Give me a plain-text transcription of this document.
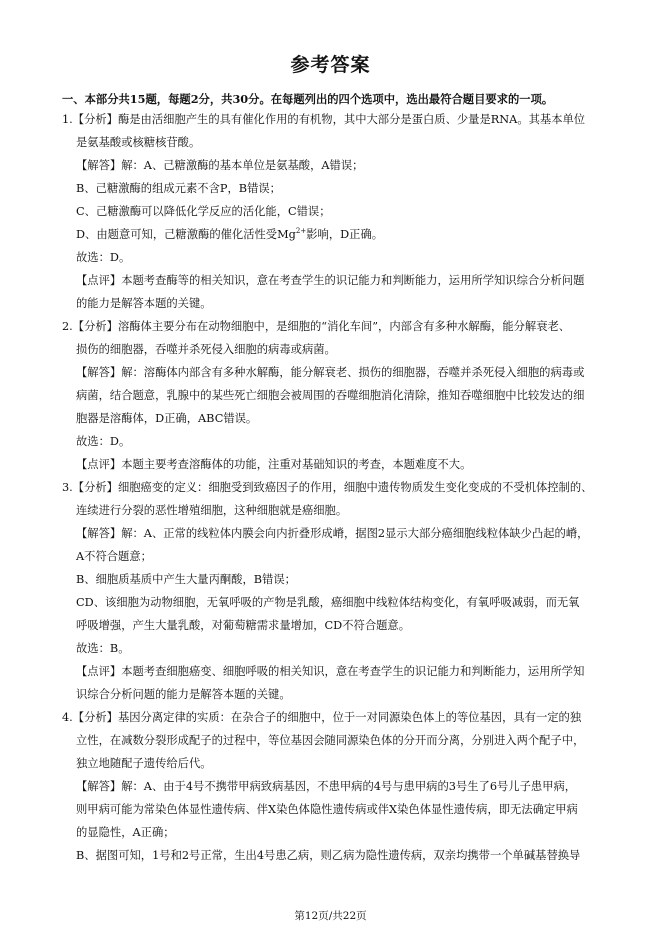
参考答案
一、本部分共15题，每题2分，共30分。在每题列出的四个选项中，选出最符合题目要求的一项。
1.【分析】酶是由活细胞产生的具有催化作用的有机物，其中大部分是蛋白质、少量是RNA。其基本单位
是氨基酸或核糖核苷酸。
【解答】解：A、己糖激酶的基本单位是氨基酸，A错误；
B、己糖激酶的组成元素不含P，B错误；
C、己糖激酶可以降低化学反应的活化能，C错误；
D、由题意可知，己糖激酶的催化活性受$Mg^{2+}$影响，D正确。
故选：D。
【点评】本题考查酶等的相关知识，意在考查学生的识记能力和判断能力，运用所学知识综合分析问题
的能力是解答本题的关键。
2.【分析】溶酶体主要分布在动物细胞中，是细胞的“消化车间”，内部含有多种水解酶，能分解衰老、
损伤的细胞器，吞噬并杀死侵入细胞的病毒或病菌。
【解答】解：溶酶体内部含有多种水解酶，能分解衰老、损伤的细胞器，吞噬并杀死侵入细胞的病毒或
病菌，结合题意，乳腺中的某些死亡细胞会被周围的吞噬细胞消化清除，推知吞噬细胞中比较发达的细
胞器是溶酶体，D正确，ABC错误。
故选：D。
【点评】本题主要考查溶酶体的功能，注重对基础知识的考查，本题难度不大。
3.【分析】细胞癌变的定义：细胞受到致癌因子的作用，细胞中遗传物质发生变化变成的不受机体控制的、
连续进行分裂的恶性增殖细胞，这种细胞就是癌细胞。
【解答】解：A、正常的线粒体内膜会向内折叠形成嵴，据图2显示大部分癌细胞线粒体缺少凸起的嵴，
A不符合题意；
B、细胞质基质中产生大量丙酮酸，B错误；
CD、该细胞为动物细胞，无氧呼吸的产物是乳酸，癌细胞中线粒体结构变化，有氧呼吸减弱，而无氧
呼吸增强，产生大量乳酸，对葡萄糖需求量增加，CD不符合题意。
故选：B。
【点评】本题考查细胞癌变、细胞呼吸的相关知识，意在考查学生的识记能力和判断能力，运用所学知
识综合分析问题的能力是解答本题的关键。
4.【分析】基因分离定律的实质：在杂合子的细胞中，位于一对同源染色体上的等位基因，具有一定的独
立性，在减数分裂形成配子的过程中，等位基因会随同源染色体的分开而分离，分别进入两个配子中，
独立地随配子遗传给后代。
【解答】解：A、由于4号不携带甲病致病基因，不患甲病的4号与患甲病的3号生了6号儿子患甲病，
则甲病可能为常染色体显性遗传病、伴X染色体隐性遗传病或伴X染色体显性遗传病，即无法确定甲病
的显隐性，A正确；
B、据图可知，1号和2号正常，生出4号患乙病，则乙病为隐性遗传病，双亲均携带一个单碱基替换导
第12页/共22页
